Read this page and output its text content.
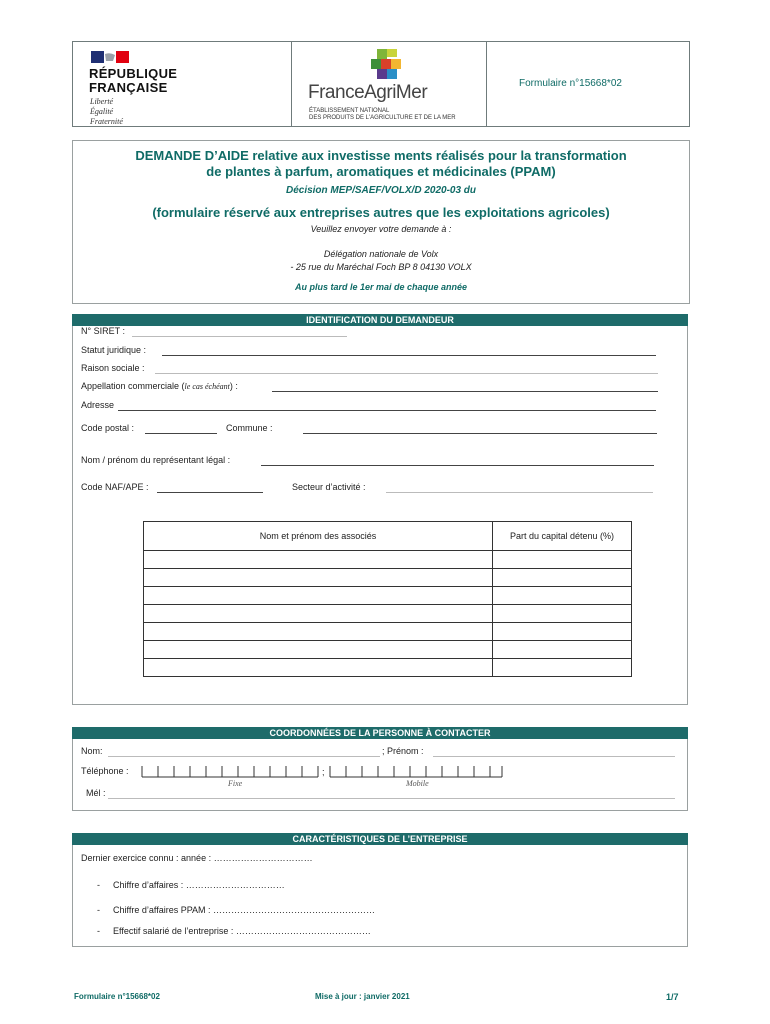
RÉPUBLIQUE
FRANÇAISE
Liberté
Égalité
Fraternité
FranceAgriMer
ÉTABLISSEMENT NATIONAL
DES PRODUITS DE L'AGRICULTURE ET DE LA MER
Formulaire n°15668*02
DEMANDE D’AIDE relative aux investisse ments réalisés pour la transformation
de plantes à parfum, aromatiques et médicinales (PPAM)
Décision MEP/SAEF/VOLX/D 2020-03 du
(formulaire réservé aux entreprises autres que les exploitations agricoles)
Veuillez envoyer votre demande à :
Délégation nationale de Volx
- 25 rue du Maréchal Foch BP 8 04130 VOLX
Au plus tard le 1er mai de chaque année
IDENTIFICATION DU DEMANDEUR
N° SIRET :
Statut juridique :
Raison sociale :
Appellation commerciale (le cas échéant) :
Adresse
Code postal :	Commune :
Nom / prénom du représentant légal :
Code NAF/APE :	Secteur d’activité :
Nom et prénom des associés	Part du capital détenu (%)

COORDONNÉES DE LA PERSONNE À CONTACTER
Nom:	; Prénom :
Téléphone :	;
Fixe	Mobile
Mél :
CARACTÉRISTIQUES DE L’ENTREPRISE
Dernier exercice connu : année : ……………………………
- Chiffre d’affaires : ……………………………
- Chiffre d’affaires PPAM : ………………………………………………
- Effectif salarié de l’entreprise : ………………………………………
Formulaire n°15668*02	Mise à jour : janvier 2021	1/7
